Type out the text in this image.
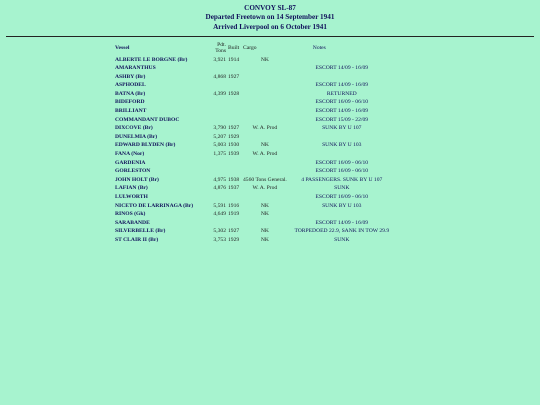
CONVOY SL-87
Departed Freetown on 14 September 1941
Arrived Liverpool on 6 October 1941
Vessel	Pdt. Tons	Built	Cargo	Notes
ALBERTE LE BORGNE (Br)	3,921	1914	NK	
AMARANTHUS				ESCORT 14/09 - 16/09
ASHBY (Br)	4,868	1927		
ASPHODEL				ESCORT 14/09 - 16/09
BATNA (Br)	4,399	1928		RETURNED
BIDEFORD				ESCORT 16/09 - 06/10
BRILLIANT				ESCORT 14/09 - 16/09
COMMANDANT DUBOC				ESCORT 15/09 - 22/09
DIXCOVE (Br)	3,790	1927	W. A. Prod	SUNK BY U 107
DUNELMIA (Br)	5,207	1929		
EDWARD BLYDEN (Br)	5,003	1930	NK	SUNK BY U 103
FANA (Nor)	1,375	1939	W. A. Prod	
GARDENIA				ESCORT 16/09 - 06/10
GORLESTON				ESCORT 16/09 - 06/10
JOHN HOLT (Br)	4,975	1938	4560 Tons General.	4 PASSENGERS. SUNK BY U 107
LAFIAN (Br)	4,876	1937	W. A. Prod	SUNK
LULWORTH				ESCORT 16/09 - 06/10
NICETO DE LARRINAGA (Br)	5,591	1916	NK	SUNK BY U 103
RINOS (Gk)	4,649	1919	NK	
SARABANDE				ESCORT 14/09 - 16/09
SILVERBELLE (Br)	5,302	1927	NK	TORPEDOED 22.9, SANK IN TOW 29.9
ST CLAIR II (Br)	3,753	1929	NK	SUNK
